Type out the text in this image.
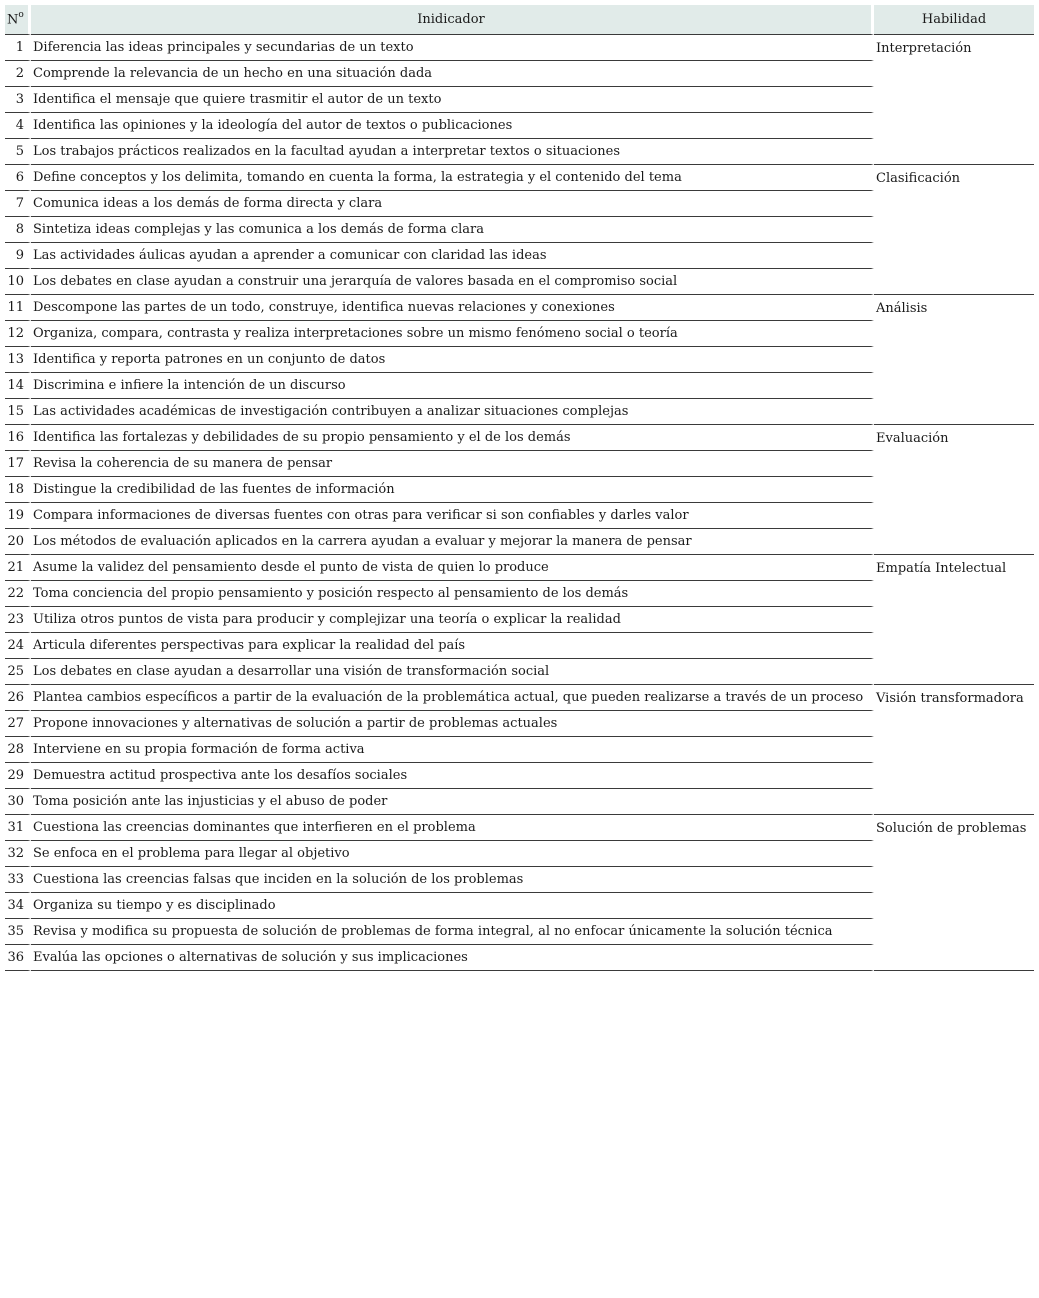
$N^o$	Inidicador	Habilidad
1	Diferencia las ideas principales y secundarias de un texto	Interpretación
2	Comprende la relevancia de un hecho en una situación dada	
3	Identifica el mensaje que quiere trasmitir el autor de un texto	
4	Identifica las opiniones y la ideología del autor de textos o publicaciones	
5	Los trabajos prácticos realizados en la facultad ayudan a interpretar textos o situaciones	
6	Define conceptos y los delimita, tomando en cuenta la forma, la estrategia y el contenido del tema	Clasificación
7	Comunica ideas a los demás de forma directa y clara	
8	Sintetiza ideas complejas y las comunica a los demás de forma clara	
9	Las actividades áulicas ayudan a aprender a comunicar con claridad las ideas	
10	Los debates en clase ayudan a construir una jerarquía de valores basada en el compromiso social	
11	Descompone las partes de un todo, construye, identifica nuevas relaciones y conexiones	Análisis
12	Organiza, compara, contrasta y realiza interpretaciones sobre un mismo fenómeno social o teoría	
13	Identifica y reporta patrones en un conjunto de datos	
14	Discrimina e infiere la intención de un discurso	
15	Las actividades académicas de investigación contribuyen a analizar situaciones complejas	
16	Identifica las fortalezas y debilidades de su propio pensamiento y el de los demás	Evaluación
17	Revisa la coherencia de su manera de pensar	
18	Distingue la credibilidad de las fuentes de información	
19	Compara informaciones de diversas fuentes con otras para verificar si son confiables y darles valor	
20	Los métodos de evaluación aplicados en la carrera ayudan a evaluar y mejorar la manera de pensar	
21	Asume la validez del pensamiento desde el punto de vista de quien lo produce	Empatía Intelectual
22	Toma conciencia del propio pensamiento y posición respecto al pensamiento de los demás	
23	Utiliza otros puntos de vista para producir y complejizar una teoría o explicar la realidad	
24	Articula diferentes perspectivas para explicar la realidad del país	
25	Los debates en clase ayudan a desarrollar una visión de transformación social	
26	Plantea cambios específicos a partir de la evaluación de la problemática actual, que pueden realizarse a través de un proceso	Visión transformadora
27	Propone innovaciones y alternativas de solución a partir de problemas actuales	
28	Interviene en su propia formación de forma activa	
29	Demuestra actitud prospectiva ante los desafíos sociales	
30	Toma posición ante las injusticias y el abuso de poder	
31	Cuestiona las creencias dominantes que interfieren en el problema	Solución de problemas
32	Se enfoca en el problema para llegar al objetivo	
33	Cuestiona las creencias falsas que inciden en la solución de los problemas	
34	Organiza su tiempo y es disciplinado	
35	Revisa y modifica su propuesta de solución de problemas de forma integral, al no enfocar únicamente la solución técnica	
36	Evalúa las opciones o alternativas de solución y sus implicaciones	
